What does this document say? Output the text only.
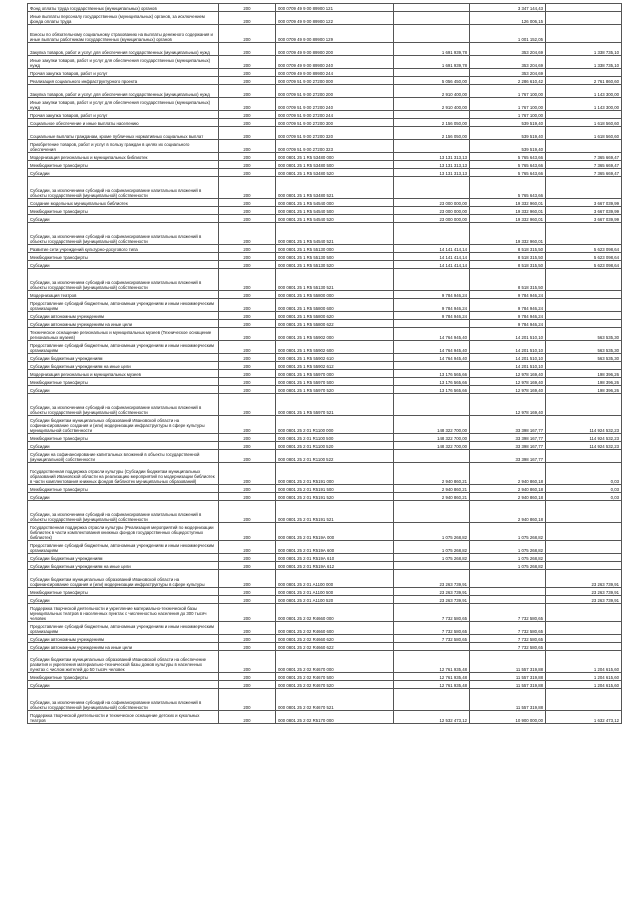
Фонд оплаты труда государственных (муниципальных) органов	200	000 0709 49 9 00 89900 121		3 347 144,43	
Иные выплаты персоналу государственных (муниципальных) органов, за исключением фонда оплаты труда	200	000 0709 49 9 00 89900 122		126 006,15	
Взносы по обязательному социальному страхованию на выплаты денежного содержания и иные выплаты работникам государственных (муниципальных) органов	200	000 0709 49 9 00 89900 129		1 001 152,05	
Закупка товаров, работ и услуг для обеспечения государственных (муниципальных) нужд	200	000 0709 49 9 00 89900 200	1 691 939,78	353 204,69	1 338 735,10
Иные закупки товаров, работ и услуг для обеспечения государственных (муниципальных) нужд	200	000 0709 49 9 00 89900 240	1 691 939,78	353 204,69	1 338 735,10
Прочая закупка товаров, работ и услуг	200	000 0709 49 9 00 89900 244		353 204,69	
Реализация социального инфраструктурного проекта	200	000 0709 51 9 00 27200 000	5 056 450,00	2 286 610,42	2 761 860,60
Закупка товаров, работ и услуг для обеспечения государственных (муниципальных) нужд	200	000 0709 51 9 00 27200 200	2 910 400,00	1 767 100,00	1 143 300,00
Иные закупки товаров, работ и услуг для обеспечения государственных (муниципальных) нужд	200	000 0709 51 9 00 27200 240	2 910 400,00	1 767 100,00	1 143 300,00
Прочая закупка товаров, работ и услуг	200	000 0709 51 9 00 27200 244		1 767 100,00	
Социальное обеспечение и иные выплаты населению	200	000 0709 51 9 00 27200 300	2 156 050,00	539 519,40	1 618 560,60
Социальные выплаты гражданам, кроме публичных нормативных социальных выплат	200	000 0709 51 9 00 27200 320	2 156 050,00	539 519,40	1 618 560,60
Приобретение товаров, работ и услуг в пользу граждан в целях их социального обеспечения	200	000 0709 51 9 00 27200 323		539 519,40	
Модернизация региональных и муниципальных библиотек	200	000 0801 25 1 R5 53480 000	13 131 313,13	5 765 643,66	7 365 669,47
Межбюджетные трансферты	200	000 0801 25 1 R5 53480 500	13 131 313,13	5 765 643,66	7 365 669,47
Субсидии	200	000 0801 25 1 R5 53480 520	13 131 313,13	5 765 643,66	7 365 669,47
Субсидии, за исключением субсидий на софинансирование капитальных вложений в объекты государственной (муниципальной) собственности	200	000 0801 25 1 R5 53480 521		5 765 643,66	
Создание модельных муниципальных библиотек	200	000 0801 25 1 R5 54540 000	23 000 000,00	19 332 960,01	3 667 039,99
Межбюджетные трансферты	200	000 0801 25 1 R5 54540 500	23 000 000,00	19 332 960,01	3 667 039,99
Субсидии	200	000 0801 25 1 R5 54540 520	23 000 000,00	19 332 960,01	3 667 039,99
Субсидии, за исключением субсидий на софинансирование капитальных вложений в объекты государственной (муниципальной) собственности	200	000 0801 25 1 R5 54540 521		19 332 960,01	
Развитие сети учреждений культурно-досугового типа	200	000 0801 25 1 R5 55130 000	14 141 414,14	8 518 315,50	5 623 098,64
Межбюджетные трансферты	200	000 0801 25 1 R5 55130 500	14 141 414,14	8 518 315,50	5 623 098,64
Субсидии	200	000 0801 25 1 R5 55130 520	14 141 414,14	8 518 315,50	5 623 098,64
Субсидии, за исключением субсидий на софинансирование капитальных вложений в объекты государственной (муниципальной) собственности	200	000 0801 25 1 R5 55130 521		8 518 315,50	
Модернизация театров	200	000 0801 25 1 R5 55800 000	9 784 946,24	9 784 946,24	
Предоставление субсидий бюджетным, автономным учреждениям и иным некоммерческим организациям	200	000 0801 25 1 R5 55800 600	9 784 946,24	9 784 946,24	
Субсидии автономным учреждениям	200	000 0801 25 1 R5 55800 620	9 784 946,24	9 784 946,24	
Субсидии автономным учреждениям на иные цели	200	000 0801 25 1 R5 55800 622		9 784 946,24	
Техническое оснащение региональных и муниципальных музеев (Техническое оснащение региональных музеев)	200	000 0801 25 1 R5 55902 000	14 764 945,40	14 201 510,10	563 535,30
Предоставление субсидий бюджетным, автономным учреждениям и иным некоммерческим организациям	200	000 0801 25 1 R5 55902 600	14 764 945,40	14 201 510,10	563 535,30
Субсидии бюджетным учреждениям	200	000 0801 25 1 R5 55902 610	14 764 945,40	14 201 510,10	563 535,30
Субсидии бюджетным учреждениям на иные цели	200	000 0801 25 1 R5 55902 612		14 201 510,10	
Модернизация региональных и муниципальных музеев	200	000 0801 25 1 R5 55970 000	13 176 565,66	12 978 169,40	198 396,26
Межбюджетные трансферты	200	000 0801 25 1 R5 55970 500	13 176 565,66	12 978 169,40	198 396,26
Субсидии	200	000 0801 25 1 R5 55970 520	13 176 565,66	12 978 169,40	198 396,26
Субсидии, за исключением субсидий на софинансирование капитальных вложений в объекты государственной (муниципальной) собственности	200	000 0801 25 1 R5 55970 521		12 978 169,40	
Субсидии бюджетам муниципальных образований Ивановской области на софинансирование создания и (или) модернизации инфраструктуры в сфере культуры муниципальной собственности	200	000 0801 25 2 01 R1100 000	148 322 700,00	33 398 167,77	114 924 532,23
Межбюджетные трансферты	200	000 0801 25 2 01 R1100 500	148 322 700,00	33 398 167,77	114 924 532,23
Субсидии	200	000 0801 25 2 01 R1100 520	148 322 700,00	33 398 167,77	114 924 532,23
Субсидии на софинансирование капитальных вложений в объекты государственной (муниципальной) собственности	200	000 0801 25 2 01 R1100 522		33 398 167,77	
Государственная поддержка отрасли культуры (Субсидии бюджетам муниципальных образований Ивановской области на реализацию мероприятий по модернизации библиотек в части комплектования книжных фондов библиотек муниципальных образований)	200	000 0801 25 2 01 R5191 000	2 940 860,21	2 940 860,18	0,03
Межбюджетные трансферты	200	000 0801 25 2 01 R5191 500	2 940 860,21	2 940 860,18	0,03
Субсидии	200	000 0801 25 2 01 R5191 520	2 940 860,21	2 940 860,18	0,03
Субсидии, за исключением субсидий на софинансирование капитальных вложений в объекты государственной (муниципальной) собственности	200	000 0801 25 2 01 R5191 521		2 940 860,18	
Государственная поддержка отрасли культуры (Реализация мероприятий по модернизации библиотек в части комплектования книжных фондов государственных общедоступных библиотек)	200	000 0801 25 2 01 R519А 000	1 075 268,82	1 075 268,82	
Предоставление субсидий бюджетным, автономным учреждениям и иным некоммерческим организациям	200	000 0801 25 2 01 R519А 600	1 075 268,82	1 075 268,82	
Субсидии бюджетным учреждениям	200	000 0801 25 2 01 R519А 610	1 075 268,82	1 075 268,82	
Субсидии бюджетным учреждениям на иные цели	200	000 0801 25 2 01 R519А 612		1 075 268,82	
Субсидии бюджетам муниципальных образований Ивановской области на софинансирование создания и (или) модернизации инфраструктуры в сфере культуры	200	000 0801 25 2 01 А1100 000	23 263 739,91		23 263 739,91
Межбюджетные трансферты	200	000 0801 25 2 01 А1100 500	23 263 739,91		23 263 739,91
Субсидии	200	000 0801 25 2 01 А1100 520	23 263 739,91		23 263 739,91
Поддержка творческой деятельности и укрепление материально-технической базы муниципальных театров в населенных пунктах с численностью населения до 300 тысяч человек	200	000 0801 25 2 02 R4660 000	7 732 580,65	7 732 580,65	
Предоставление субсидий бюджетным, автономным учреждениям и иным некоммерческим организациям	200	000 0801 25 2 02 R4660 600	7 732 580,65	7 732 580,65	
Субсидии автономным учреждениям	200	000 0801 25 2 02 R4660 620	7 732 580,65	7 732 580,65	
Субсидии автономным учреждениям на иные цели	200	000 0801 25 2 02 R4660 622		7 732 580,65	
Субсидии бюджетам муниципальных образований Ивановской области на обеспечение развития и укрепления материально-технической базы домов культуры в населенных пунктах с числом жителей до 50 тысяч человек	200	000 0801 25 2 02 R4670 000	12 761 935,48	11 557 319,88	1 204 615,60
Межбюджетные трансферты	200	000 0801 25 2 02 R4670 500	12 761 935,48	11 557 319,88	1 204 615,60
Субсидии	200	000 0801 25 2 02 R4670 520	12 761 935,48	11 557 319,88	1 204 615,60
Субсидии, за исключением субсидий на софинансирование капитальных вложений в объекты государственной (муниципальной) собственности	200	000 0801 25 2 02 R4670 521		11 557 319,88	
Поддержка творческой деятельности и техническое оснащение детских и кукольных театров	200	000 0801 25 2 02 R5170 000	12 532 473,12	10 900 000,00	1 632 473,12
